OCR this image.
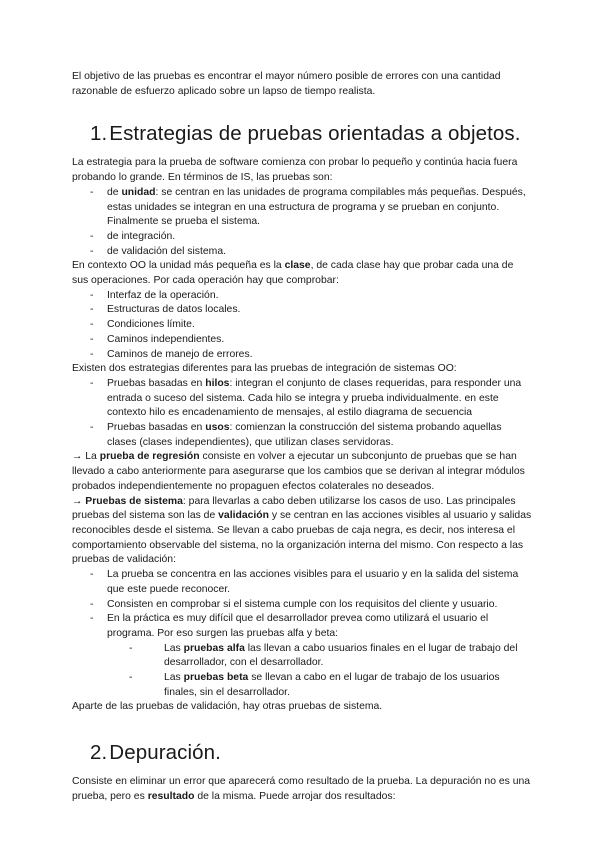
El objetivo de las pruebas es encontrar el mayor número posible de errores con una cantidad razonable de esfuerzo aplicado sobre un lapso de tiempo realista.

1.Estrategias de pruebas orientadas a objetos.

La estrategia para la prueba de software comienza con probar lo pequeño y continúa hacia fuera probando lo grande. En términos de IS, las pruebas son:

- de unidad: se centran en las unidades de programa compilables más pequeñas. Después, estas unidades se integran en una estructura de programa y se prueban en conjunto. Finalmente se prueba el sistema.
- de integración.
- de validación del sistema.

En contexto OO la unidad más pequeña es la clase, de cada clase hay que probar cada una de sus operaciones. Por cada operación hay que comprobar:

- Interfaz de la operación.
- Estructuras de datos locales.
- Condiciones límite.
- Caminos independientes.
- Caminos de manejo de errores.

Existen dos estrategias diferentes para las pruebas de integración de sistemas OO:

- Pruebas basadas en hilos: integran el conjunto de clases requeridas, para responder una entrada o suceso del sistema. Cada hilo se integra y prueba individualmente. en este contexto hilo es encadenamiento de mensajes, al estilo diagrama de secuencia
- Pruebas basadas en usos: comienzan la construcción del sistema probando aquellas clases (clases independientes), que utilizan clases servidoras.

→ La prueba de regresión consiste en volver a ejecutar un subconjunto de pruebas que se han llevado a cabo anteriormente para asegurarse que los cambios que se derivan al integrar módulos probados independientemente no propaguen efectos colaterales no deseados.

→ Pruebas de sistema: para llevarlas a cabo deben utilizarse los casos de uso. Las principales pruebas del sistema son las de validación y se centran en las acciones visibles al usuario y salidas reconocibles desde el sistema. Se llevan a cabo pruebas de caja negra, es decir, nos interesa el comportamiento observable del sistema, no la organización interna del mismo. Con respecto a las pruebas de validación:

- La prueba se concentra en las acciones visibles para el usuario y en la salida del sistema que este puede reconocer.
- Consisten en comprobar si el sistema cumple con los requisitos del cliente y usuario.
- En la práctica es muy difícil que el desarrollador prevea como utilizará el usuario el programa. Por eso surgen las pruebas alfa y beta:
- Las pruebas alfa las llevan a cabo usuarios finales en el lugar de trabajo del desarrollador, con el desarrollador.
- Las pruebas beta se llevan a cabo en el lugar de trabajo de los usuarios finales, sin el desarrollador.

Aparte de las pruebas de validación, hay otras pruebas de sistema.

2.Depuración.

Consiste en eliminar un error que aparecerá como resultado de la prueba. La depuración no es una prueba, pero es resultado de la misma. Puede arrojar dos resultados:
